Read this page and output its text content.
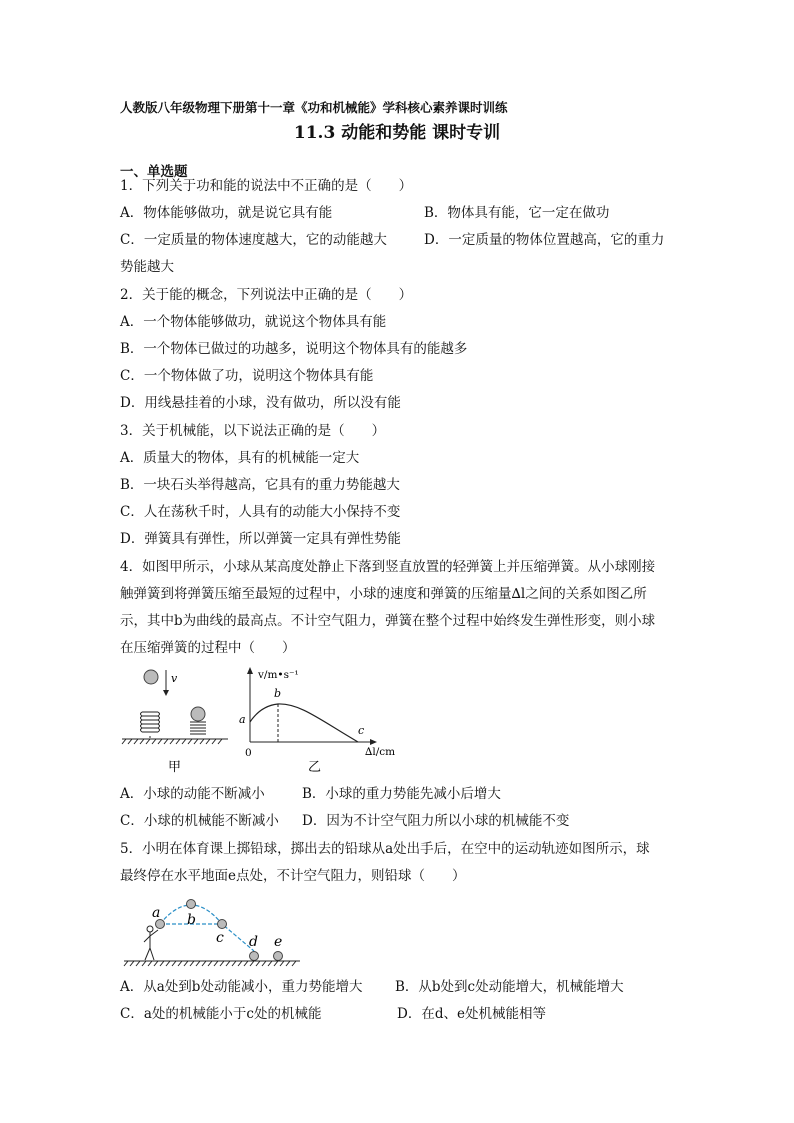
人教版八年级物理下册第十一章《功和机械能》学科核心素养课时训练
11.3 动能和势能 课时专训
一、单选题
1．下列关于功和能的说法中不正确的是（　　）
A．物体能够做功，就是说它具有能	B．物体具有能，它一定在做功
C．一定质量的物体速度越大，它的动能越大	D．一定质量的物体位置越高，它的重力
势能越大
2．关于能的概念，下列说法中正确的是（　　）
A．一个物体能够做功，就说这个物体具有能
B．一个物体已做过的功越多，说明这个物体具有的能越多
C．一个物体做了功，说明这个物体具有能
D．用线悬挂着的小球，没有做功，所以没有能
3．关于机械能，以下说法正确的是（　　）
A．质量大的物体，具有的机械能一定大
B．一块石头举得越高，它具有的重力势能越大
C．人在荡秋千时，人具有的动能大小保持不变
D．弹簧具有弹性，所以弹簧一定具有弹性势能
4．如图甲所示，小球从某高度处静止下落到竖直放置的轻弹簧上并压缩弹簧。从小球刚接
触弹簧到将弹簧压缩至最短的过程中，小球的速度和弹簧的压缩量∆l之间的关系如图乙所
示，其中b为曲线的最高点。不计空气阻力，弹簧在整个过程中始终发生弹性形变，则小球
在压缩弹簧的过程中（　　）
v
甲
v/m•s⁻¹
∆l/cm
0
a
b
c
乙
A．小球的动能不断减小	B．小球的重力势能先减小后增大
C．小球的机械能不断减小 D．因为不计空气阻力所以小球的机械能不变
5．小明在体育课上掷铅球，掷出去的铅球从a处出手后，在空中的运动轨迹如图所示，球
最终停在水平地面e点处，不计空气阻力，则铅球（　　）
a b
c d e
A．从a处到b处动能减小，重力势能增大 B．从b处到c处动能增大，机械能增大
C．a处的机械能小于c处的机械能	D．在d、e处机械能相等
